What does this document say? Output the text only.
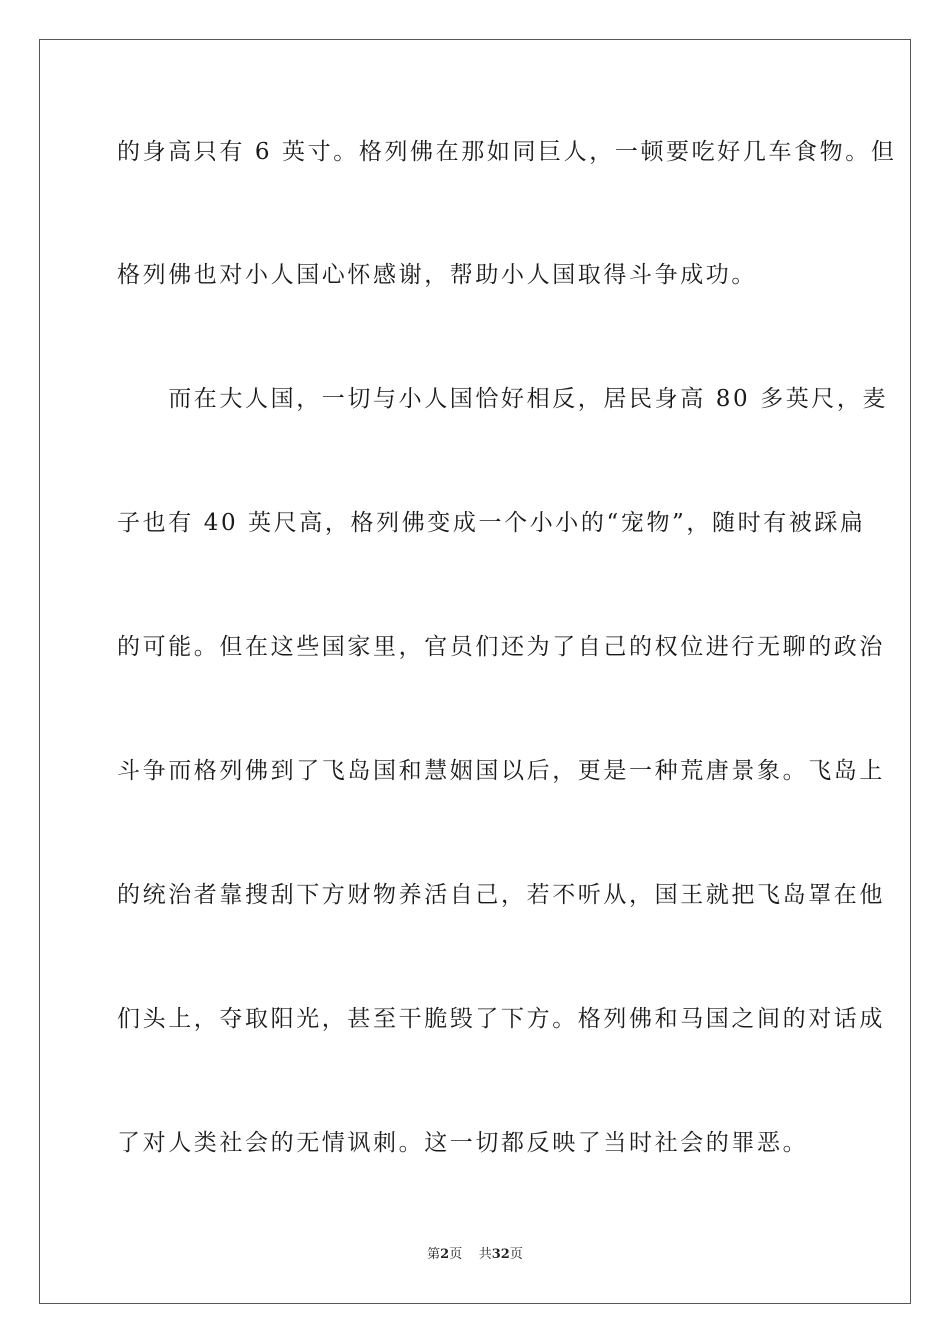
的身高只有 6 英寸。格列佛在那如同巨人，一顿要吃好几车食物。但
格列佛也对小人国心怀感谢，帮助小人国取得斗争成功。
　　而在大人国，一切与小人国恰好相反，居民身高 80 多英尺，麦
子也有 40 英尺高，格列佛变成一个小小的“宠物”，随时有被踩扁
的可能。但在这些国家里，官员们还为了自己的权位进行无聊的政治
斗争而格列佛到了飞岛国和慧姻国以后，更是一种荒唐景象。飞岛上
的统治者靠搜刮下方财物养活自己，若不听从，国王就把飞岛罩在他
们头上，夺取阳光，甚至干脆毁了下方。格列佛和马国之间的对话成
了对人类社会的无情讽刺。这一切都反映了当时社会的罪恶。
第2页 共32页
